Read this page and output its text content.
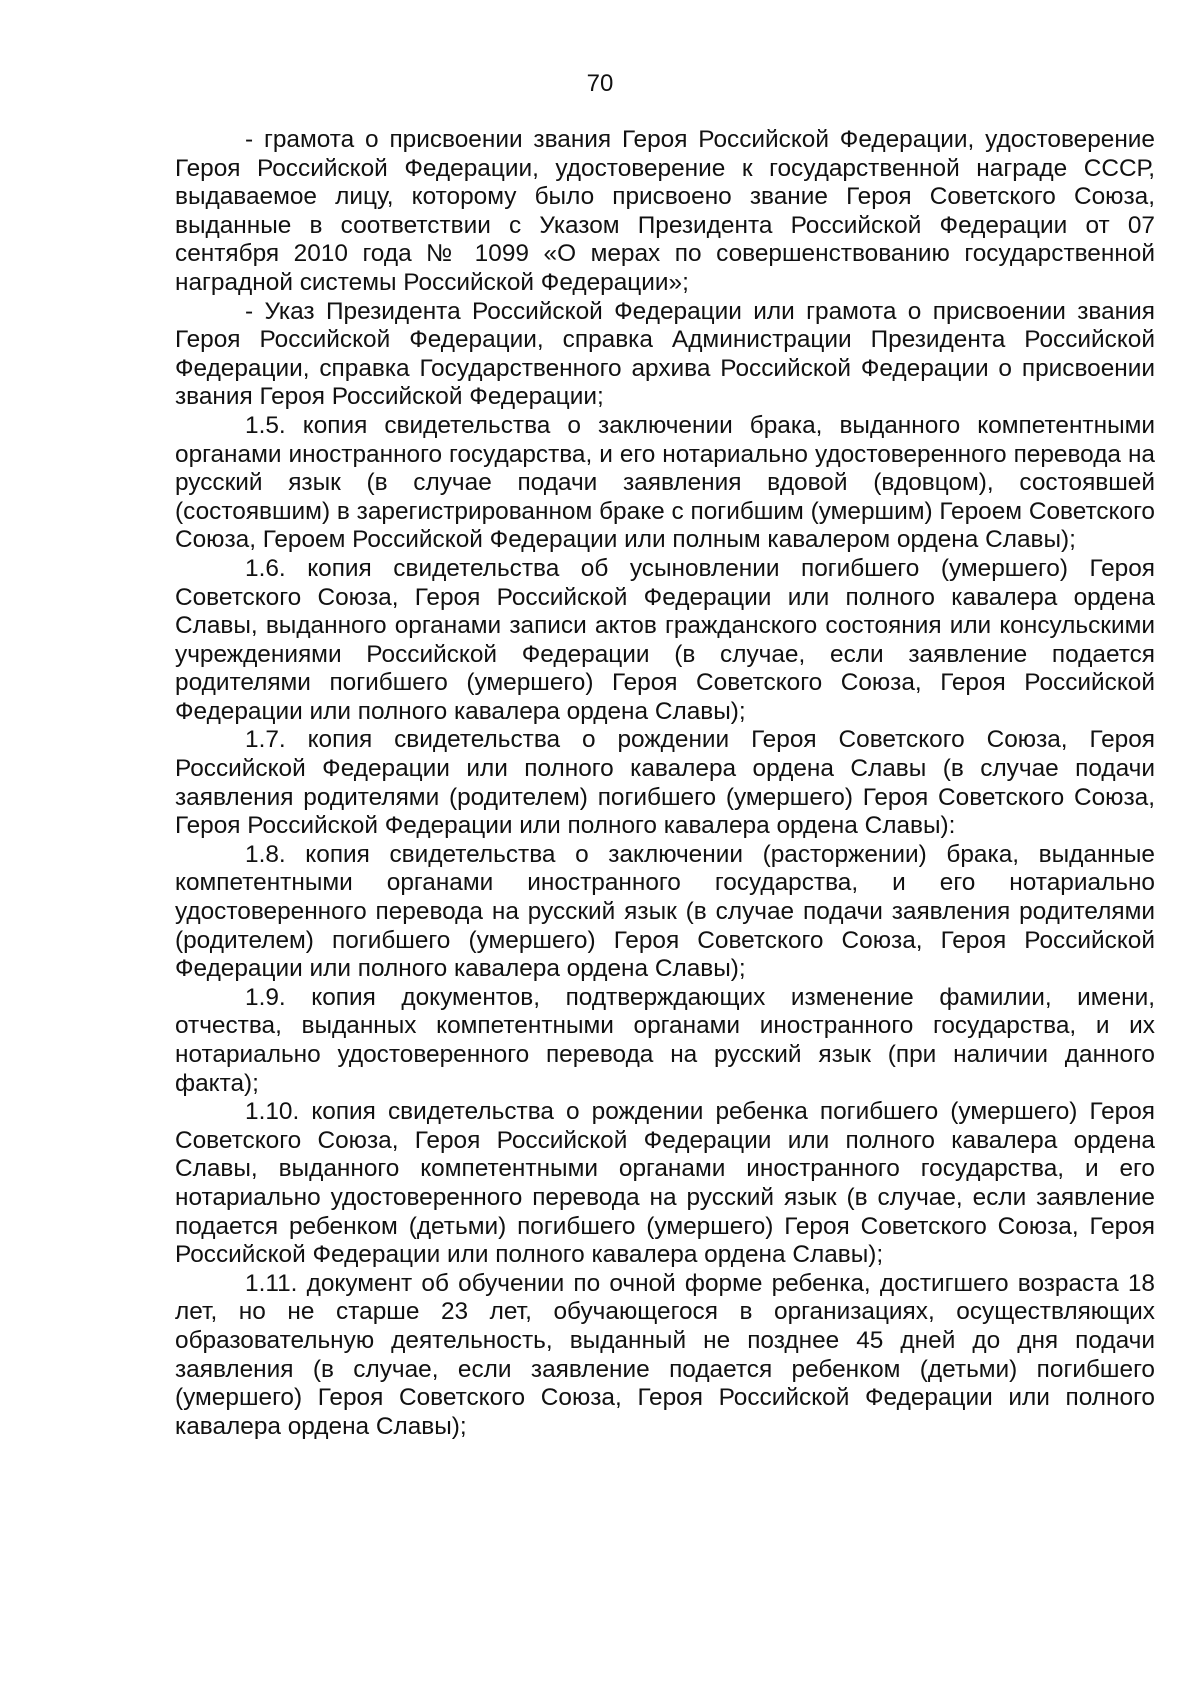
70

- грамота о присвоении звания Героя Российской Федерации, удостоверение Героя Российской Федерации, удостоверение к государственной награде СССР, выдаваемое лицу, которому было присвоено звание Героя Советского Союза, выданные в соответствии с Указом Президента Российской Федерации от 07 сентября 2010 года № 1099 «О мерах по совершенствованию государственной наградной системы Российской Федерации»;

- Указ Президента Российской Федерации или грамота о присвоении звания Героя Российской Федерации, справка Администрации Президента Российской Федерации, справка Государственного архива Российской Федерации о присвоении звания Героя Российской Федерации;

1.5. копия свидетельства о заключении брака, выданного компетентными органами иностранного государства, и его нотариально удостоверенного перевода на русский язык (в случае подачи заявления вдовой (вдовцом), состоявшей (состоявшим) в зарегистрированном браке с погибшим (умершим) Героем Советского Союза, Героем Российской Федерации или полным кавалером ордена Славы);

1.6. копия свидетельства об усыновлении погибшего (умершего) Героя Советского Союза, Героя Российской Федерации или полного кавалера ордена Славы, выданного органами записи актов гражданского состояния или консульскими учреждениями Российской Федерации (в случае, если заявление подается родителями погибшего (умершего) Героя Советского Союза, Героя Российской Федерации или полного кавалера ордена Славы);

1.7. копия свидетельства о рождении Героя Советского Союза, Героя Российской Федерации или полного кавалера ордена Славы (в случае подачи заявления родителями (родителем) погибшего (умершего) Героя Советского Союза, Героя Российской Федерации или полного кавалера ордена Славы):

1.8. копия свидетельства о заключении (расторжении) брака, выданные компетентными органами иностранного государства, и его нотариально удостоверенного перевода на русский язык (в случае подачи заявления родителями (родителем) погибшего (умершего) Героя Советского Союза, Героя Российской Федерации или полного кавалера ордена Славы);

1.9. копия документов, подтверждающих изменение фамилии, имени, отчества, выданных компетентными органами иностранного государства, и их нотариально удостоверенного перевода на русский язык (при наличии данного факта);

1.10. копия свидетельства о рождении ребенка погибшего (умершего) Героя Советского Союза, Героя Российской Федерации или полного кавалера ордена Славы, выданного компетентными органами иностранного государства, и его нотариально удостоверенного перевода на русский язык (в случае, если заявление подается ребенком (детьми) погибшего (умершего) Героя Советского Союза, Героя Российской Федерации или полного кавалера ордена Славы);

1.11. документ об обучении по очной форме ребенка, достигшего возраста 18 лет, но не старше 23 лет, обучающегося в организациях, осуществляющих образовательную деятельность, выданный не позднее 45 дней до дня подачи заявления (в случае, если заявление подается ребенком (детьми) погибшего (умершего) Героя Советского Союза, Героя Российской Федерации или полного кавалера ордена Славы);
